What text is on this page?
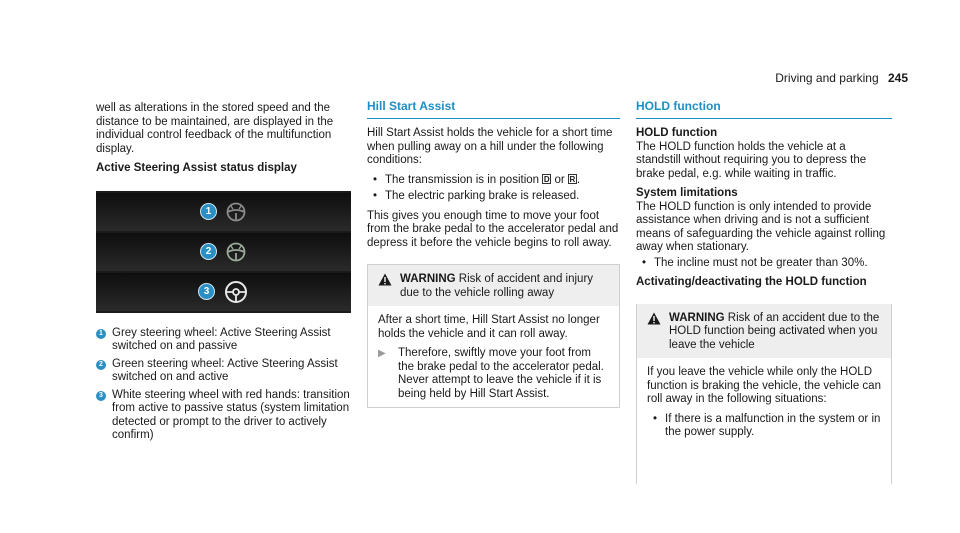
Driving and parking 245

well as alterations in the stored speed and the distance to be maintained, are displayed in the individual control feedback of the multifunction display.

Active Steering Assist status display
1
2
3
1 Grey steering wheel: Active Steering Assist switched on and passive
2 Green steering wheel: Active Steering Assist switched on and active
3 White steering wheel with red hands: transition from active to passive status (system limitation detected or prompt to the driver to actively confirm)
Hill Start Assist

Hill Start Assist holds the vehicle for a short time when pulling away on a hill under the following conditions:

• The transmission is in position D or R .
• The electric parking brake is released.

This gives you enough time to move your foot from the brake pedal to the accelerator pedal and depress it before the vehicle begins to roll away.

WARNING Risk of accident and injury due to the vehicle rolling away

After a short time, Hill Start Assist no longer holds the vehicle and it can roll away.

▶ Therefore, swiftly move your foot from the brake pedal to the accelerator pedal. Never attempt to leave the vehicle if it is being held by Hill Start Assist.
HOLD function
HOLD function

The HOLD function holds the vehicle at a standstill without requiring you to depress the brake pedal, e.g. while waiting in traffic.

System limitations

The HOLD function is only intended to provide assistance when driving and is not a sufficient means of safeguarding the vehicle against rolling away when stationary.

• The incline must not be greater than 30%.
Activating/deactivating the HOLD function
WARNING Risk of an accident due to the HOLD function being activated when you leave the vehicle

If you leave the vehicle while only the HOLD function is braking the vehicle, the vehicle can roll away in the following situations:

• If there is a malfunction in the system or in the power supply.
